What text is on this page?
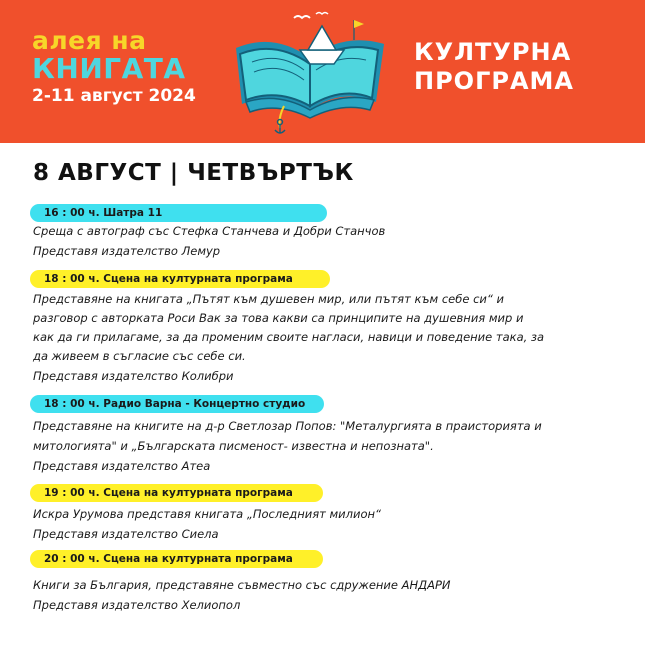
алея на
КНИГАТА
2-11 август 2024
КУЛТУРНА
ПРОГРАМА
8 АВГУСТ | ЧЕТВЪРТЪК
16 : 00 ч. Шатра 11
Среща с автограф със Стефка Станчева и Добри Станчов
Представя издателство Лемур
18 : 00 ч. Сцена на културната програма
Представяне на книгата „Пътят към душевен мир, или пътят към себе си“ и
разговор с авторката Роси Вак за това какви са принципите на душевния мир и
как да ги прилагаме, за да променим своите нагласи, навици и поведение така, за
да живеем в съгласие със себе си.
Представя издателство Колибри
18 : 00 ч. Радио Варна - Концертно студио
Представяне на книгите на д-р Светлозар Попов: "Металургията в праисторията и
митологията" и „Българската писменост- известна и непозната".
Представя издателство Атеа
19 : 00 ч. Сцена на културната програма
Искра Урумова представя книгата „Последният милион“
Представя издателство Сиела
20 : 00 ч. Сцена на културната програма
Книги за България, представяне съвместно със сдружение АНДАРИ
Представя издателство Хелиопол
